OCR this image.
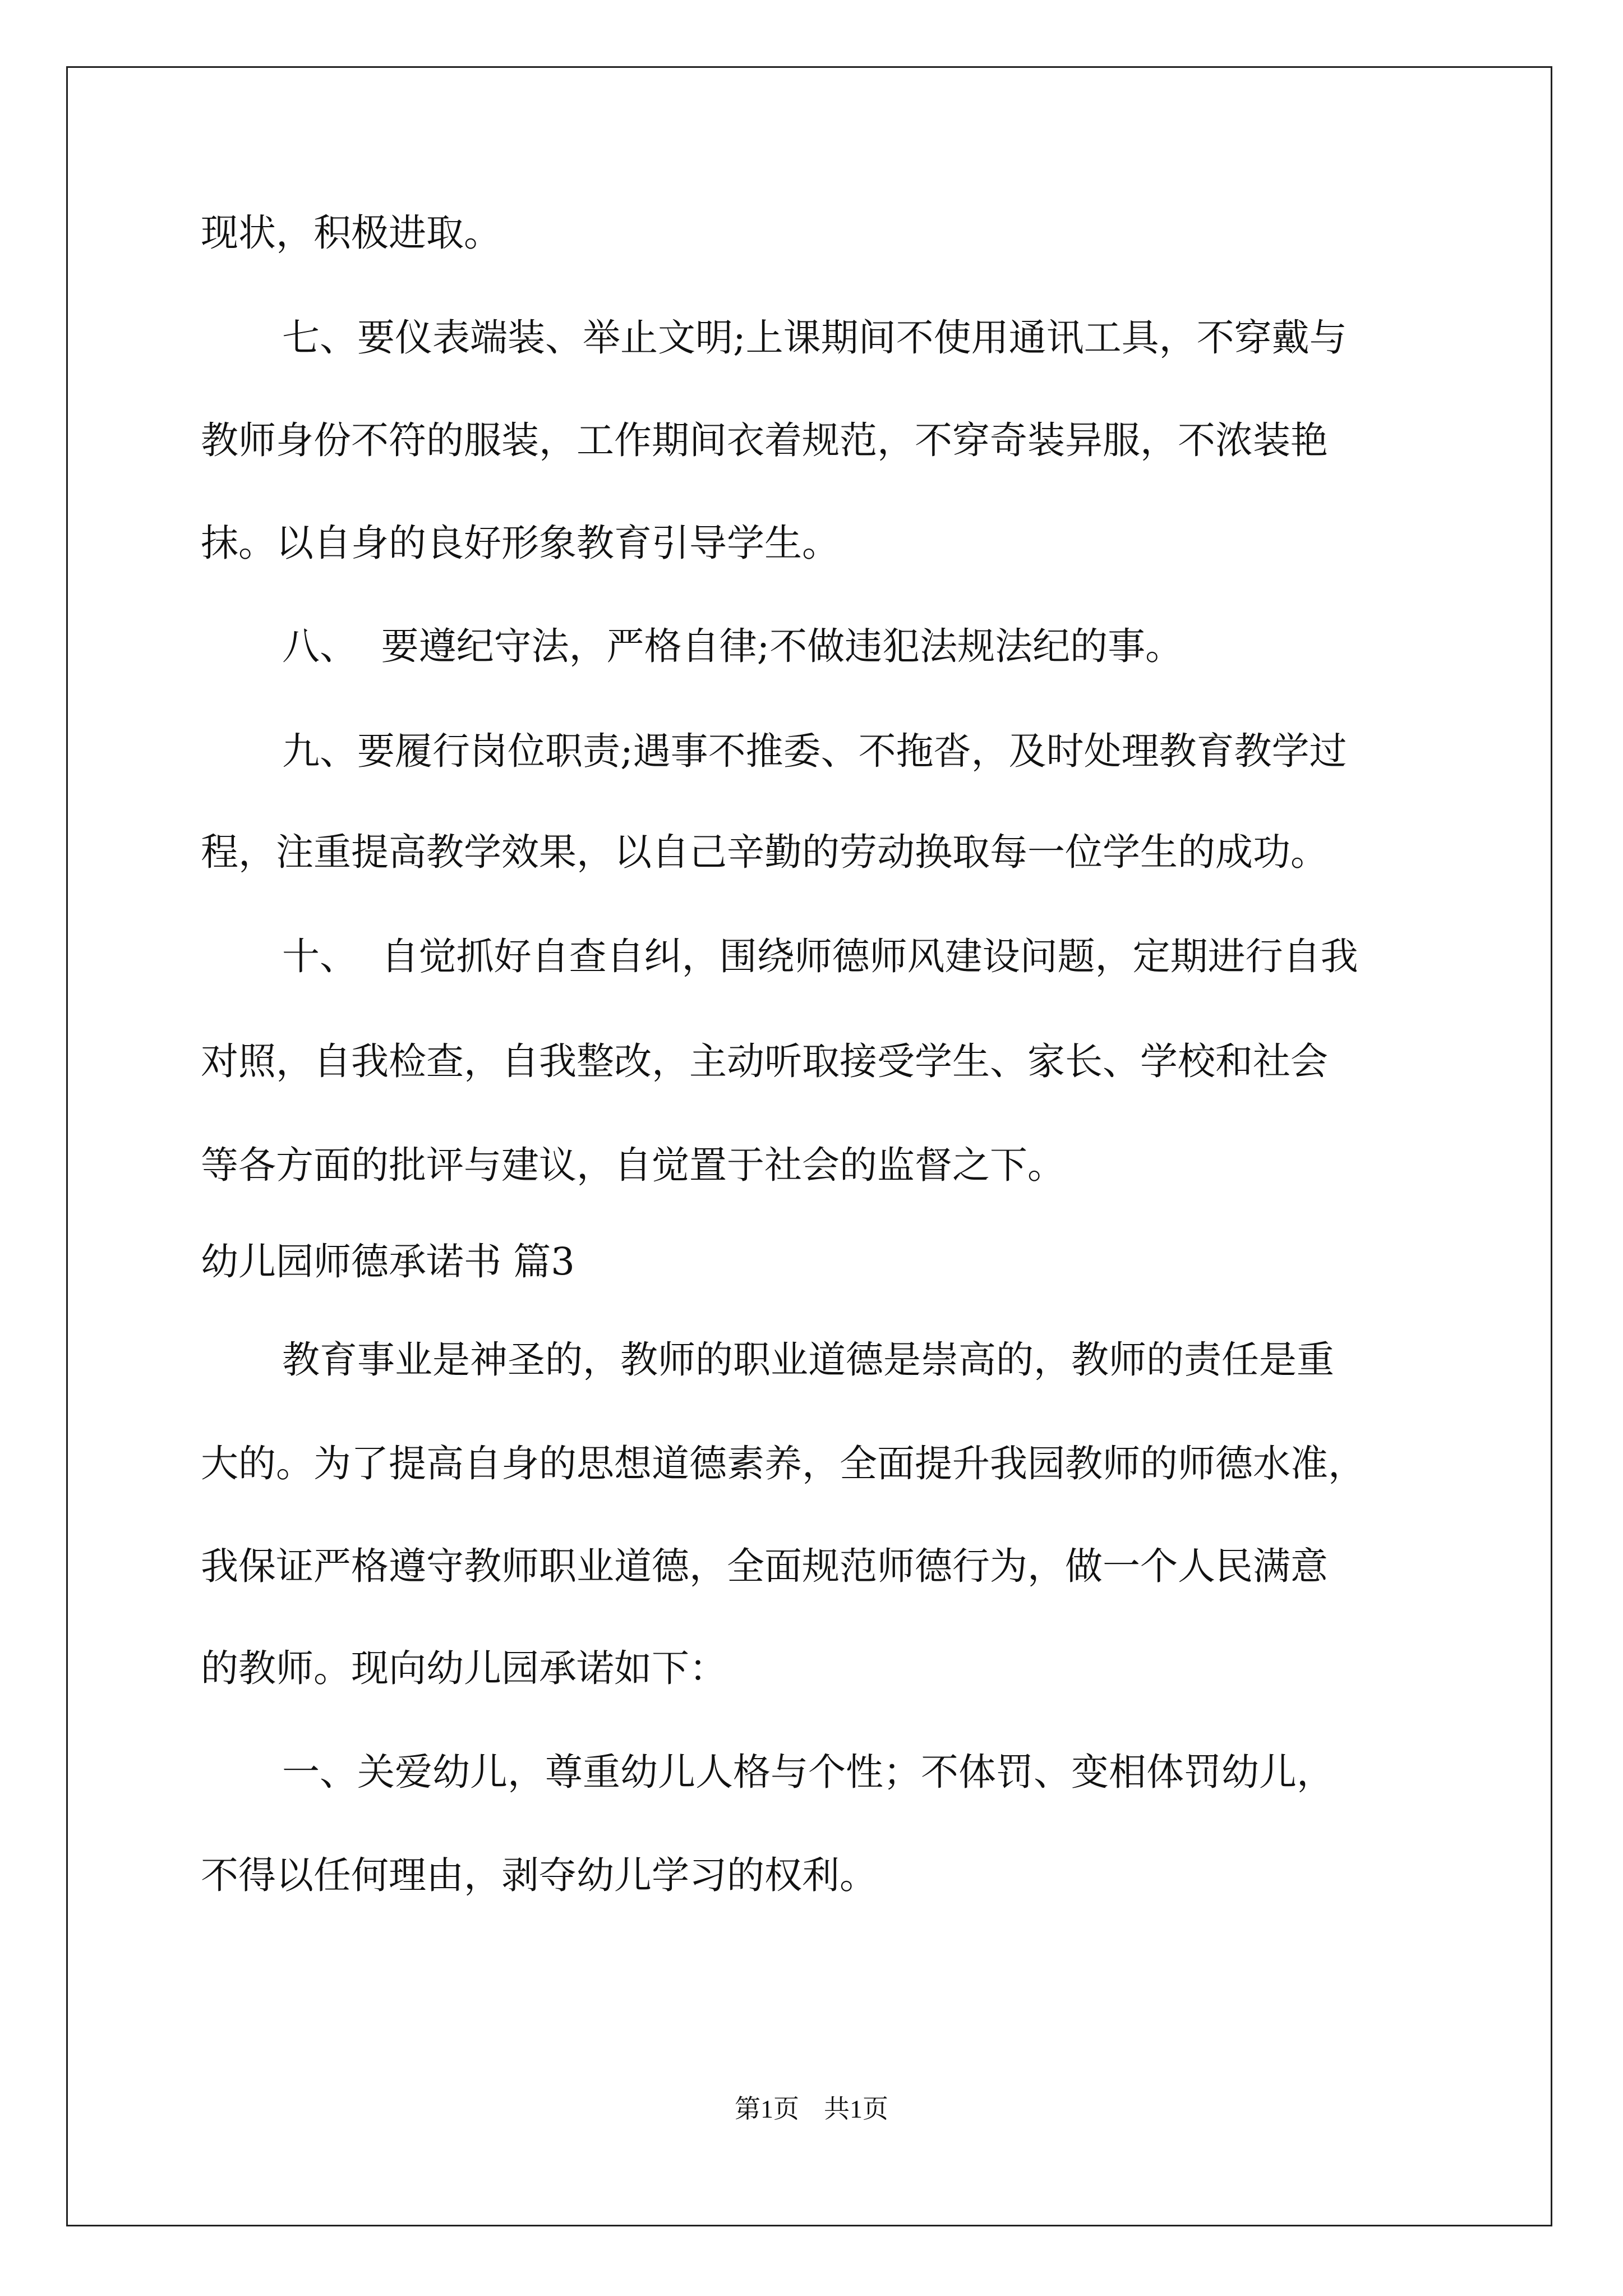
现状，积极进取。
七、要仪表端装、举止文明;上课期间不使用通讯工具，不穿戴与
教师身份不符的服装，工作期间衣着规范，不穿奇装异服，不浓装艳
抹。以自身的良好形象教育引导学生。
八、  要遵纪守法，严格自律;不做违犯法规法纪的事。
九、要履行岗位职责;遇事不推委、不拖沓，及时处理教育教学过
程，注重提高教学效果，以自己辛勤的劳动换取每一位学生的成功。
十、  自觉抓好自查自纠，围绕师德师风建设问题，定期进行自我
对照，自我检查，自我整改，主动听取接受学生、家长、学校和社会
等各方面的批评与建议，自觉置于社会的监督之下。
幼儿园师德承诺书 篇3
教育事业是神圣的，教师的职业道德是崇高的，教师的责任是重
大的。为了提高自身的思想道德素养，全面提升我园教师的师德水准，
我保证严格遵守教师职业道德，全面规范师德行为，做一个人民满意
的教师。现向幼儿园承诺如下：
一、关爱幼儿，尊重幼儿人格与个性；不体罚、变相体罚幼儿，
不得以任何理由，剥夺幼儿学习的权利。
第1页 共1页
